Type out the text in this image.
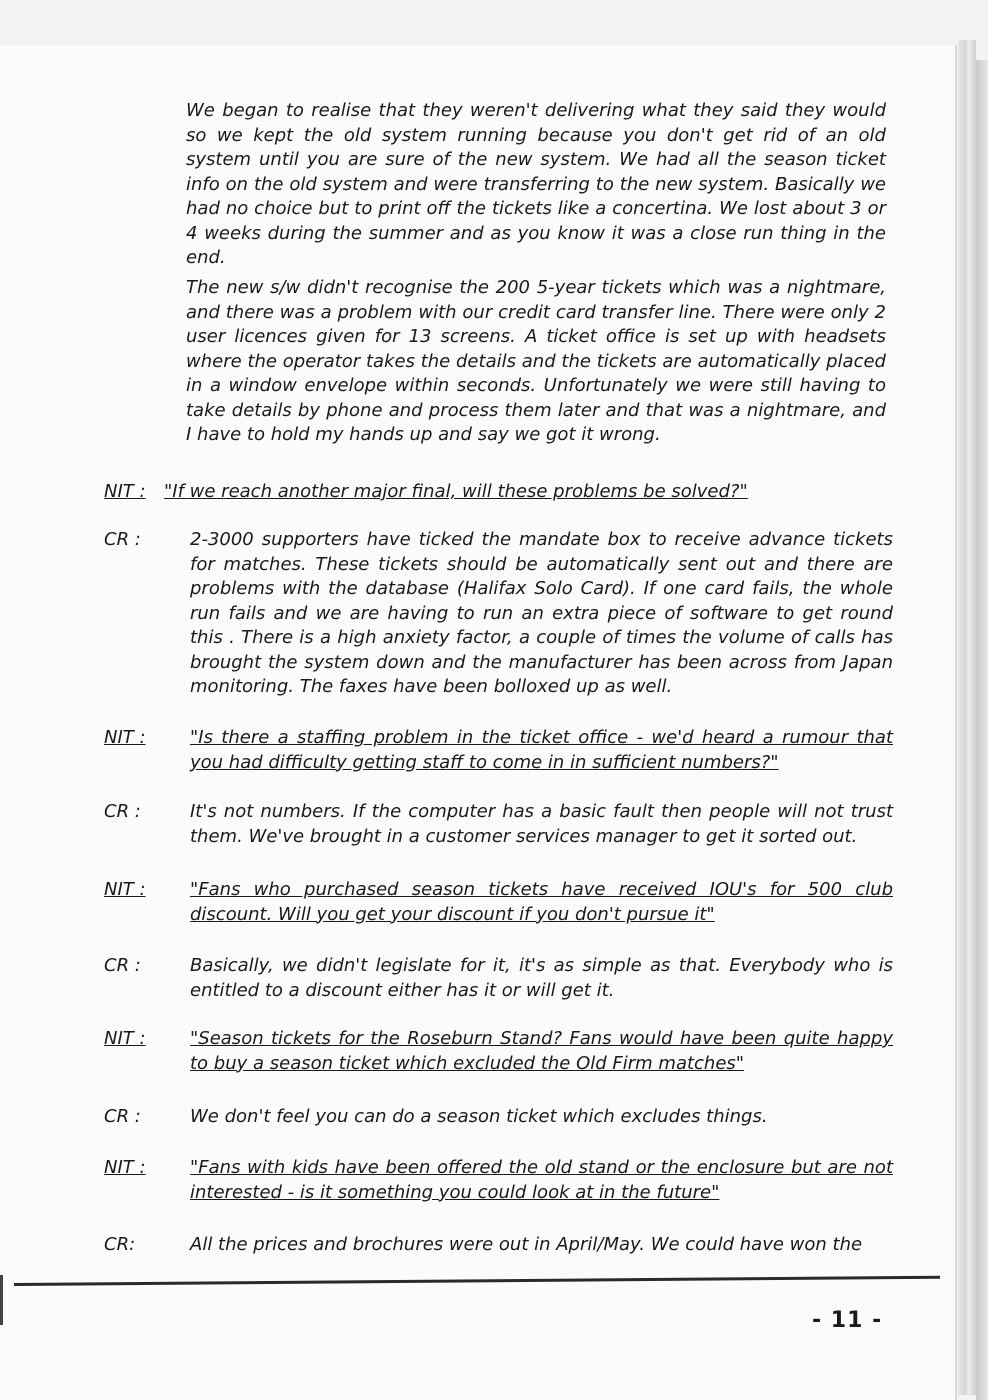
We began to realise that they weren't delivering what they said they would so we kept the old system running because you don't get rid of an old system until you are sure of the new system. We had all the season ticket info on the old system and were transferring to the new system. Basically we had no choice but to print off the tickets like a concertina. We lost about 3 or 4 weeks during the summer and as you know it was a close run thing in the end.
The new s/w didn't recognise the 200 5-year tickets which was a nightmare, and there was a problem with our credit card transfer line. There were only 2 user licences given for 13 screens. A ticket office is set up with headsets where the operator takes the details and the tickets are automatically placed in a window envelope within seconds. Unfortunately we were still having to take details by phone and process them later and that was a nightmare, and I have to hold my hands up and say we got it wrong.
NIT :	"If we reach another major final, will these problems be solved?"
CR :	2-3000 supporters have ticked the mandate box to receive advance tickets for matches. These tickets should be automatically sent out and there are problems with the database (Halifax Solo Card). If one card fails, the whole run fails and we are having to run an extra piece of software to get round this . There is a high anxiety factor, a couple of times the volume of calls has brought the system down and the manufacturer has been across from Japan monitoring. The faxes have been bolloxed up as well.
NIT :	"Is there a staffing problem in the ticket office - we'd heard a rumour that you had difficulty getting staff to come in in sufficient numbers?"
CR :	It's not numbers. If the computer has a basic fault then people will not trust them. We've brought in a customer services manager to get it sorted out.
NIT :	"Fans who purchased season tickets have received IOU's for 500 club discount. Will you get your discount if you don't pursue it"
CR :	Basically, we didn't legislate for it, it's as simple as that. Everybody who is entitled to a discount either has it or will get it.
NIT :	"Season tickets for the Roseburn Stand? Fans would have been quite happy to buy a season ticket which excluded the Old Firm matches"
CR :	We don't feel you can do a season ticket which excludes things.
NIT :	"Fans with kids have been offered the old stand or the enclosure but are not interested - is it something you could look at in the future"
CR:	All the prices and brochures were out in April/May. We could have won the
- 11 -
